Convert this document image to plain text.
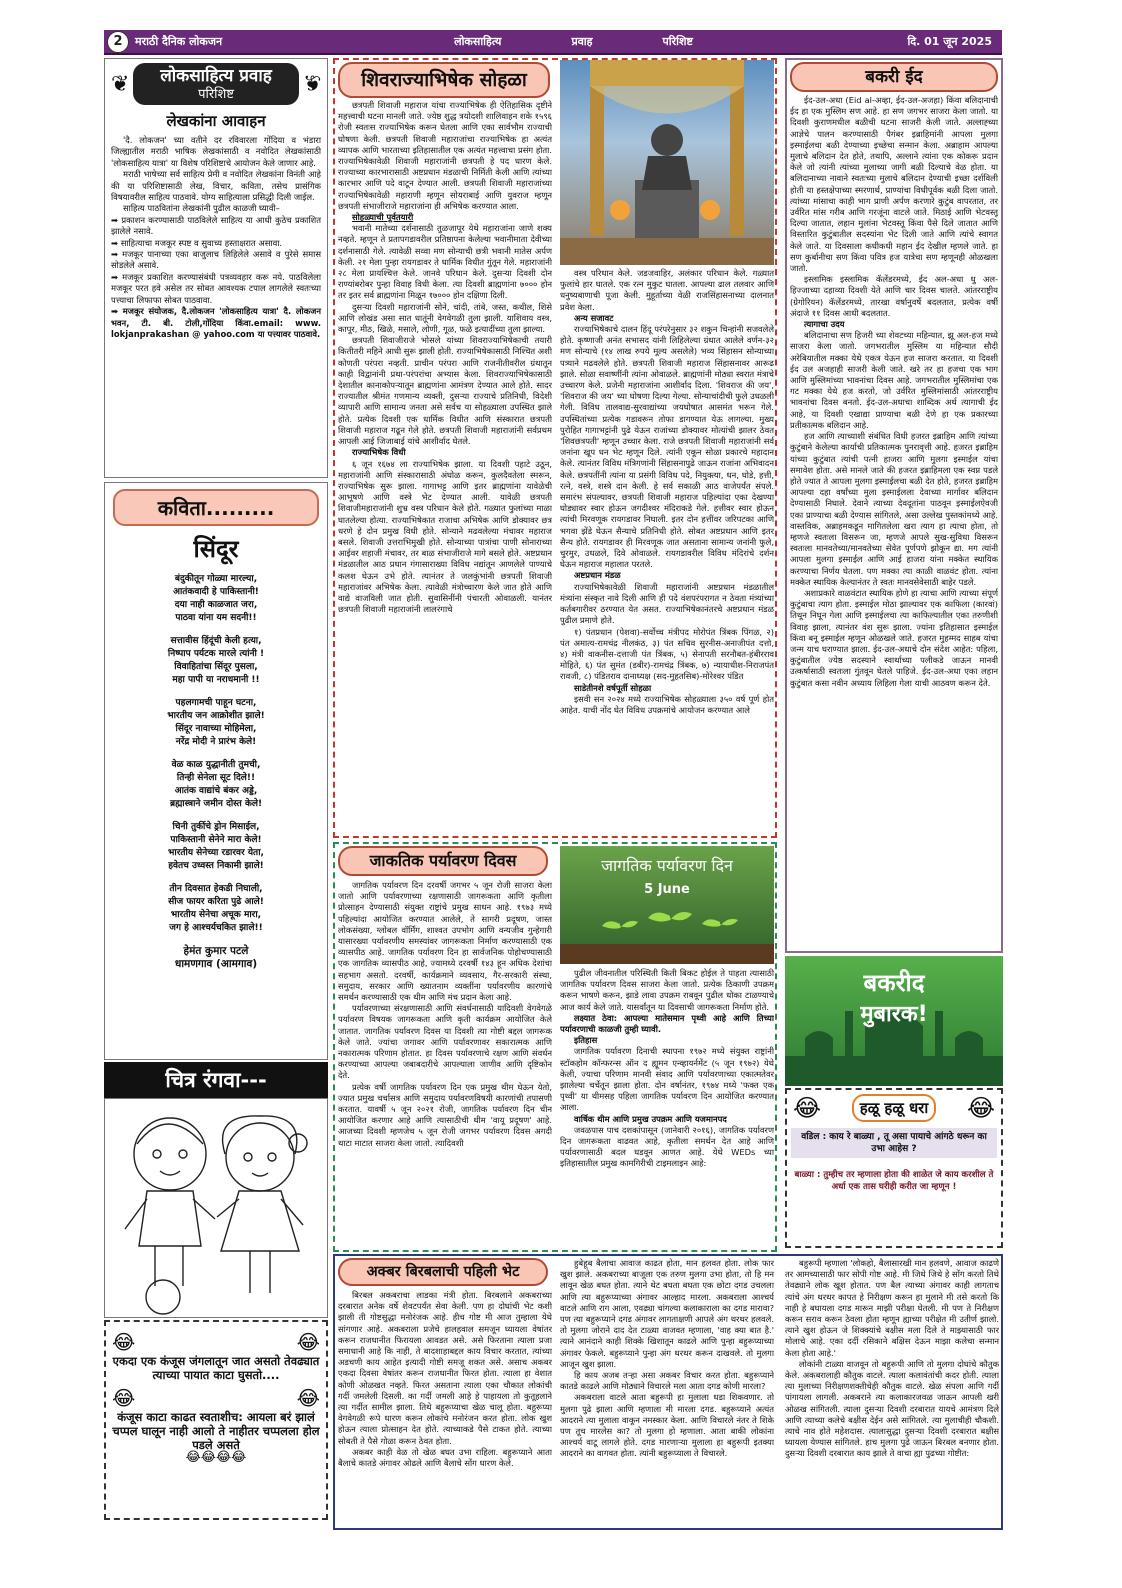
2	मराठी दैनिक लोकजन	लोकसाहित्य	प्रवाह	परिशिष्ट	दि. 01 जून 2025
❦	लोकसाहित्य प्रवाह
परिशिष्ट	❦
लेखकांना आवाहन

'दै. लोकजन' च्या वतीने दर रविवारला गोंदिया व भंडारा जिल्ह्यातील मराठी भाषिक लेखकांसाठी व नवोदित लेखकांसाठी 'लोकसाहित्य यात्रा' या विशेष परिशिष्टाचे आयोजन केले जाणार आहे.

मराठी भाषेच्या सर्व साहित्य प्रेमी व नवोदित लेखकांना विनंती आहे की या परिशिष्टासाठी लेख, विचार, कविता, तसेच प्रासंगिक विषयावरील साहित्य पाठवावे. योग्य साहित्याला प्रसिद्धी दिली जाईल.

साहित्य पाठवितांना लेखकांनी पुढील काळजी घ्यावी–

➡ प्रकाशन करण्यासाठी पाठविलेले साहित्य या आधी कुठेच प्रकाशित झालेले नसावे.
➡ साहित्याचा मजकूर स्पष्ट व सुवाच्य हस्ताक्षरात असावा.
➡ मजकूर पानाच्या एका बाजुलाच लिहिलेले असावे व पुरेसे समास सोडलेले असावे.
➡ मजकूर प्रकाशित करण्यासंबंधी पत्रव्यवहार करू नये. पाठविलेला मजकूर परत हवे असेल तर सोबत आवश्यक टपाल लागलेले स्वतःच्या पत्त्याचा लिफाफा सोबत पाठवावा.
➡ मजकूर संयोजक, दै.लोकजन 'लोकसाहित्य यात्रा' दै. लोकजन भवन, टी. बी. टोली,गोंदिया किंवा.email: www. lokjanprakashan @ yahoo.com या पत्त्यावर पाठवावे.
कविता.........
सिंदूर
बंदुकीतून गोळ्या मारल्या,
आतंकवादी हे पाकिस्तानी!
दया नाही काळजात जरा,
पाठवा यांना यम सदनी!!
सत्तावीस हिंदूंची केली हत्या,
निष्पाप पर्यटक मारले त्यांनी !
विवाहितांचा सिंदूर पुसला,
महा पापी या नराधमानी !!
पहलगामची पाहून घटना,
भारतीय जन आक्रोशीत झाले!
सिंदूर नावाच्या मोहिमेला,
नरेंद्र मोदी ने प्रारंभ केले!
वेळ काळ युद्धानीती तुमची,
तिन्ही सेनेला सूट दिले!!
आतंक वाद्यांचे बंकर अड्डे,
ब्रह्मास्त्राने जमीन दोस्त केले!
चिनी तुर्कीचे ड्रोन मिसाईल,
पाकिस्तानी सेनेने मारा केले!
भारतीय सेनेच्या रडारवर येता,
हवेतच उध्वस्त निकामी झाले!
तीन दिवसात हेकडी निघाली,
सीज फायर करिता पुढे आले!
भारतीय सेनेचा अचूक मारा,
जग हे आश्चर्यचकित झाले!!
हेमंत कुमार पटले
धामणगाव (आमगाव)
चित्र रंगवा---
😂	😂
एकदा एक कंजूस जंगलातून जात असतो तेवढ्यात त्याच्या पायात काटा घुसतो....
😂	😂
कंजूस काटा काढत स्वताशीच: आयला बरं झालं चप्पल घालून नाही आलो ते नाहीतर चप्पलला होल पडले असते
😂😂😂😂
शिवराज्याभिषेक सोहळा

छत्रपती शिवाजी महाराज यांचा राज्याभिषेक ही ऐतिहासिक दृष्टीने महत्त्वाची घटना मानली जाते. ज्येष्ठ शुद्ध त्रयोदशी शालिवाहन शके १५९६ रोजी स्वतःस राज्याभिषेक करून घेतला आणि एका सार्वभौम राज्याची घोषणा केली. छत्रपती शिवाजी महाराजांचा राज्याभिषेक हा अत्यंत व्यापक आणि भारताच्या इतिहासातील एक अत्यंत महत्त्वाचा प्रसंग होता. राज्याभिषेकावेळी शिवाजी महाराजांनी छत्रपती हे पद धारण केले. राज्याच्या कारभारासाठी अष्टप्रधान मंडळाची निर्मिती केली आणि त्यांच्या कारभार आणि पदे वाटून देण्यात आली. छत्रपती शिवाजी महाराजांच्या राज्याभिषेकावेळी महाराणी म्हणून सोयराबाई आणि युवराज म्हणून छत्रपती संभाजीराजे महाराजांना ही अभिषेक करण्यात आला.

सोहळ्याची पूर्वतयारी

भवानी मातेच्या दर्शनासाठी तुळजापूर येथे महाराजांना जाणे शक्य नव्हते. म्हणून ते प्रतापगडावरील प्रतिष्ठापना केलेल्या भवानीमाता देवीच्या दर्शनासाठी गेले. त्यावेळी सव्वा मण सोन्याची छत्री भवानी मातेस अर्पण केली. २१ मेला पुन्हा रायगडावर ते धार्मिक विधीत गुंतून गेले. महाराजांनी २८ मेला प्रायश्चित्त केले. जानवे परिधान केले. दुसऱ्या दिवशी दोन राण्यांबरोबर पुन्हा विवाह विधी केला. त्या दिवशी ब्राह्मणांना ७००० होन तर इतर सर्व ब्राह्मणांना मिळून १७००० होन दक्षिणा दिली.

दुसऱ्या दिवशी महाराजांनी सोने, चांदी, तांबे, जस्त, कथील, शिसे आणि लोखंड असा सात धातूंनी वेगवेगळी तुला झाली. याशिवाय वस्त्र, कापूर, मीठ, खिळे, मसाले, लोणी, गूळ, फळे इत्यादींच्या तुला झाल्या.

छत्रपती शिवाजीराजे भोसले यांच्या शिवराज्याभिषेकाची तयारी कितीतरी महिने आधी सुरू झाली होती. राज्याभिषेकासाठी निश्चित अशी कोणती परंपरा नव्हती. प्राचीन परंपरा आणि राजनीतीवरील ग्रंथातून काही विद्वानांनी प्रथा-परंपरांचा अभ्यास केला. शिवराज्याभिषेकासाठी देशातील कानाकोपऱ्यातून ब्राह्मणांना आमंत्रण देण्यात आले होते. सादर राज्यातील श्रीमंत गणमान्य व्यक्ती, दुसऱ्या राज्याचे प्रतिनिधी, विदेशी व्यापारी आणि सामान्य जनता असे सर्वच या सोहळ्याला उपस्थित झाले होते. प्रत्येक दिवशी एक धार्मिक विधीत आणि संस्कारात छत्रपती शिवाजी महाराज गढून गेले होते. छत्रपती शिवाजी महाराजांनी सर्वप्रथम आपली आई जिजाबाई यांचे आशीर्वाद घेतले.

राज्याभिषेक विधी

६ जून १६७४ ला राज्याभिषेक झाला. या दिवशी पहाटे उठून, महाराजांनी आणि संस्कारासाठी अंघोळ करून, कुलदैवतेला स्मरून, राज्याभिषेक सुरू झाला. गागाभट्ट आणि इतर ब्राह्मणांना यावेळेची आभूषणे आणि वस्त्रे भेट देण्यात आली. यावेळी छत्रपती शिवाजीमहाराजांनी शुभ्र वस्त्र परिधान केले होते. गळ्यात फुलांच्या माळा घातलेल्या होत्या. राज्याभिषेकात राजाचा अभिषेक आणि डोक्यावर छत्र धरणे हे दोन प्रमुख विधी होते. सोन्याने मढवलेल्या मंचावर महाराज बसले. शिवाजी उत्तराभिमुखी होते. सोन्याच्या पात्रांचा पाणी सोनाराच्या आईवर शहाजी मंचावर, तर बाळ संभाजीराजे मागे बसले होते. अष्टप्रधान मंडळातील आठ प्रधान गंगासाराख्या विविध नद्यांतून आणलेले पाण्याचे कलश घेऊन उभे होते. त्यानंतर ते जलकुंभांनी छत्रपती शिवाजी महाराजांवर अभिषेक केला. त्यावेळी मंत्रोच्चारण केले जात होते आणि वाद्ये वाजविली जात होती. सुवासिनींनी पंचारती ओवाळली. यानंतर छत्रपती शिवाजी महाराजांनी लालरंगाचे

वस्त्र परिधान केले. जडजवाहिर, अलंकार परिधान केले. गळ्यात फुलांचे हार घातले. एक रत्न मुकुट घातला. आपल्या ढाल तलवार आणि धनुष्यबाणाची पूजा केली. मुहूर्ताच्या वेळी राजसिंहासनाच्या दालनात प्रवेश केला.

अन्य सजावट

राज्याभिषेकाचे दालन हिंदू परंपरेनुसार ३२ शकुन चिन्हांनी सजवलेले होते. कृष्णाजी अनंत सभासद यांनी लिहिलेल्या ग्रंथात आलेले वर्णन-३२ मण सोन्याचे (१४ लाख रुपये मूल्य असलेले) भव्य सिंहासन सोन्याच्या पत्र्याने मढवलेले होते. छत्रपती शिवाजी महाराज सिंहासनावर आरूढ झाले. सोळा सवाष्णींनी त्यांना ओवाळले. ब्राह्मणांनी मोठ्या स्वरात मंत्राचे उच्चारण केले. प्रजेनी महाराजांना आशीर्वाद दिला. 'शिवराज की जय', 'शिवराज की जय' च्या घोषणा दिल्या गेल्या. सोन्याचांदीची फुले उधळली गेली. विविध तालवाद्य-सुरवाद्यांच्या जयघोषात आसमंत भरून गेले. उपस्थितांच्या प्रत्येक गडावरून तोफा डागण्यात येऊ लागल्या. मुख्य पुरोहित गागाभट्टांनी पुढे येऊन राजांच्या डोक्यावर मोत्यांची झालर ठेवत 'शिवछत्रपती' म्हणून उच्चार केला. राजे छत्रपती शिवाजी महाराजांनी सर्व जनांना खूप धन भेट म्हणून दिले. त्यांनी एकून सोळा प्रकारचे महादान केले. त्यानंतर विविध मंत्रिगणांनी सिंहासनापुढे जाऊन राजांना अभिवादन केले. छत्रपतींनी त्यांना या प्रसंगी विविध पदे, नियुक्त्या, धन, घोडे, हत्ती, रत्ने, वस्त्रे, शस्त्रे दान केली. हे सर्व सकाळी आठ वाजेपर्यंत संपले. समारंभ संपल्यावर, छत्रपती शिवाजी महाराज पहिल्यांदा एका देखण्या घोड्यावर स्वार होऊन जगदीश्वर मंदिराकडे गेले. हत्तीवर स्वार होऊन त्यांची मिरवणूक रायगडावर निघाली. इतर दोन हत्तींवर जरिपटका आणि भगवा झेंडे घेऊन सैन्याचे प्रतिनिधी होते. सोबत अष्टप्रधान आणि इतर सैन्य होते. रायगडावर ही मिरवणूक जात असताना सामान्य जनांनी फुले, चुरमुर, उधळले, दिवे ओवाळले. रायगडावरील विविध मंदिरांचे दर्शन घेऊन महाराज महालात परतले.

अष्टप्रधान मंडळ

राज्याभिषेकावेळी शिवाजी महाराजांनी अष्टप्रधान मंडळातील मंत्र्यांना संस्कृत नावे दिली आणि ही पदे वंशपरंपरागत न ठेवता मंत्र्यांच्या कर्तबगारीवर ठरण्यात येत असत. राज्याभिषेकानंतरचे अष्टप्रधान मंडळ पुढील प्रमाणे होते.

१) पंतप्रधान (पेशवा)-सर्वोच्च मंत्रीपद मोरोपंत त्रिंबक पिंगळ, २) पंत अमात्य-रामचंद्र नीलकंठ, ३) पंत सचिव सुरनीस-अनाजीपंत दत्तो, ४) मंत्री वाकनीस-दत्ताजी पंत त्रिंबक, ५) सेनापती सरनौबत-हंबीरराव मोहिते, ६) पंत सुमंत (डबीर)-रामचंद्र त्रिंबक, ७) न्यायाधीश-निराजपंत रावजी, ८) पंडितराव दानाध्यक्ष (सद-मुहतसिब)-मोरेश्वर पंडित

साडेतीनशे वर्षपूर्ती सोहळा

इसवी सन २०२४ मध्ये राज्याभिषेक सोहळ्याला ३५० वर्ष पूर्ण होत आहेत. याची नोंद घेत विविध उपक्रमांचे आयोजन करण्यात आले

जाकतिक पर्यावरण दिवस	जागतिक पर्यावरण दिन
5 June

जागतिक पर्यावरण दिन दरवर्षी जगभर ५ जून रोजी साजरा केला जातो आणि पर्यावरणाच्या रक्षणासाठी जागरूकता आणि कृतीला प्रोत्साहन देण्यासाठी संयुक्त राष्ट्रांचे प्रमुख साधन आहे. १९७३ मध्ये पहिल्यांदा आयोजित करण्यात आलेले, ते सागरी प्रदूषण, जास्त लोकसंख्या, ग्लोबल वॉर्मिंग, शाश्वत उपभोग आणि वन्यजीव गुन्हेगारी यासारख्या पर्यावरणीय समस्यांवर जागरूकता निर्माण करण्यासाठी एक व्यासपीठ आहे. जागतिक पर्यावरण दिन हा सार्वजनिक पोहोचण्यासाठी एक जागतिक व्यासपीठ आहे, ज्यामध्ये दरवर्षी १४३ हून अधिक देशांचा सहभाग असतो. दरवर्षी, कार्यक्रमाने व्यवसाय, गैर-सरकारी संस्था, समुदाय, सरकार आणि ख्यातनाम व्यक्तींना पर्यावरणीय कारणांचे समर्थन करण्यासाठी एक थीम आणि मंच प्रदान केला आहे.

पर्यावरणाच्या संरक्षणासाठी आणि संवर्धनासाठी यादिवशी वेगवेगळे पर्यावरण विषयक जागरूकता आणि कृती कार्यक्रम आयोजित केले जातात. जागतिक पर्यावरण दिवस या दिवशी त्या गोष्टी बद्दल जागरूक केले जाते. ज्यांचा जगावर आणि पर्यावरणावर सकारात्मक आणि नकारात्मक परिणाम होतात. हा दिवस पर्यावरणाचे रक्षण आणि संवर्धन करण्याच्या आपल्या जबाबदारीचे आपल्याला जाणीव आणि दृष्टिकोन देते.

प्रत्येक वर्षी जागतिक पर्यावरण दिन एक प्रमुख थीम घेऊन येतो, ज्यात प्रमुख चर्चासत्र आणि समुदाय पर्यावरणविषयी कारणांची तपासणी करतात. यावर्षी ५ जून २०२१ रोजी, जागतिक पर्यावरण दिन चीन आयोजित करणार आहे आणि त्यासाठीची थीम 'वायू प्रदूषण' आहे. आजच्या दिवशी म्हणजेच ५ जून रोजी जगभर पर्यावरण दिवस अगदी थाटा माटात साजरा केला जातो. त्यादिवशी

पुढील जीवनातील परिस्थिती किती बिकट होईल ते पाहता त्यासाठी जागतिक पर्यावरण दिवस साजरा केला जातो. प्रत्येक ठिकाणी उपक्रम करून भाषणे करून, झाडे लावा उपक्रम राबवून पुढील धोका टाळण्याचे आज कार्य केले जाते. यासर्वांतून या दिवसाची जागरूकता निर्माण होते.

लक्ष्यात ठेवा: आपल्या मातेसमान पृथ्वी आहे आणि तिच्या पर्यावरणाची काळजी तुम्ही घ्यावी.

इतिहास

जागतिक पर्यावरण दिनाची स्थापना १९७२ मध्ये संयुक्त राष्ट्रांनी स्टॉकहोम कॉन्फरन्स ऑन द ह्यूमन एन्व्हायर्नमेंट (५ जून १९७२) येथे केली, ज्याचा परिणाम मानवी संवाद आणि पर्यावरणाच्या एकात्मतेवर झालेल्या चर्चेतून झाला होता. दोन वर्षानंतर, १९७४ मध्ये 'फक्त एक पृथ्वी' या थीमसह पहिला जागतिक पर्यावरण दिन आयोजित करण्यात आला.

वार्षिक थीम आणि प्रमुख उपक्रम आणि यजमानपद

जवळपास पाच दशकांपासून (जानेवारी २०१६), जागतिक पर्यावरण दिन जागरूकता वाढवत आहे, कृतीला समर्थन देत आहे आणि पर्यावरणासाठी बदल घडवून आणत आहे. येथे WEDs च्या इतिहासातील प्रमुख कामगिरीची टाइमलाइन आहे:

बकरी ईद

ईद-उल-अधा (Eid al-अव्हा, ईद-उल-अजहा) किंवा बलिदानाची ईद हा एक मुस्लिम सण आहे. हा सण जगभर साजरा केला जातो. या दिवशी कुराणमधील बळीची घटना साजरी केली जाते. अल्लाह्च्या आज्ञेचे पालन करण्यासाठी पैगंबर इब्राहिमांनी आपला मुलगा इस्माईलचा बळी देण्याच्या इच्छेचा सन्मान केला. अब्राहाम आपल्या मुलाचे बलिदान देत होते, तथापि, अल्लाने त्यांना एक कोकरू प्रदान केले जो त्यांनी त्यांच्या मुलाच्या जागी बळी दिल्याचे वेळ होता. या बलिदानाच्या नावाने स्वतःच्या मुलाचे बलिदान देण्याची इच्छा दर्शविली होती या हस्तक्षेपाच्या स्मरणार्थ, प्राण्यांचा विधीपूर्वक बळी दिला जातो. त्यांच्या मांसाचा काही भाग प्राणी अर्पण करणारे कुटुंब वापरतात, तर उर्वरित मांस गरीब आणि गरजूंना वाटले जाते. मिठाई आणि भेटवस्तू दिल्या जातात, लहान मुलांना भेटवस्तू किंवा पैसे दिले जातात आणि विस्तारित कुटुंबातील सदस्यांना भेट दिली जाते आणि त्यांचे स्वागत केले जाते. या दिवसाला कधीकधी महान ईद देखील म्हणले जाते. हा सण कुर्बानीचा सण किंवा पवित्र हज यात्रेचा सण म्हणूनही ओळखला जातो.

इस्लामिक इस्लामिक कॅलेंडरमध्ये, ईद अल-अधा धु अल-हिज्जाच्या दहाव्या दिवशी येते आणि चार दिवस चालते. आंतरराष्ट्रीय (ग्रेगोरियन) कॅलेंडरमध्ये, तारखा वर्षानुवर्षे बदलतात, प्रत्येक वर्षी अंदाजे ११ दिवस आधी बदलतात.

त्यागाचा उदय

बलिदानाचा सण हिजरी च्या शेवटच्या महिन्यात, झू अल-हज मध्ये साजरा केला जातो. जगभरातील मुस्लिम या महिन्यात सौदी अरेबियातील मक्का येथे एकत्र येऊन हज साजरा करतात. या दिवशी ईद उल अजहाही साजरी केली जाते. खरे तर हा हजचा एक भाग आणि मुस्लिमांच्या भावनांचा दिवस आहे. जगभरातील मुस्लिमांचा एक गट मक्का येथे हज करतो, जो उर्वरित मुस्लिमांसाठी आंतरराष्ट्रीय भावनांचा दिवस बनतो. ईद-उल-अधाचा शाब्दिक अर्थ त्यागाची ईद आहे, या दिवशी एखाद्या प्राण्याचा बळी देणे हा एक प्रकारच्या प्रतीकात्मक बलिदान आहे.

हज आणि त्याच्याशी संबंधित विधी हजरत इब्राहिम आणि त्यांच्या कुटुंबाने केलेल्या कार्याची प्रतिकात्मक पुनरावृत्ती आहे. हजरत इब्राहिम यांच्या कुटुंबात त्यांची पत्नी हाजरा आणि मुलगा इस्माईल यांचा समावेश होता. असे मानले जाते की हजरत इब्राहिमला एक स्वप्न पडले होते ज्यात ते आपला मुलगा इस्माईलचा बळी देत होते, हजरत इब्राहिम आपल्या दहा वर्षांच्या मुला इस्माईलला देवाच्या मार्गावर बलिदान देण्यासाठी निघाले. देवाने त्याच्या देवदूतांना पाठवून इस्माईलऐवजी एका प्राण्याचा बळी देण्यास सांगितले, असा उल्लेख पुस्तकांमध्ये आहे. वास्तविक, अब्राहमकडून मागितलेला खरा त्याग हा त्याचा होता, तो म्हणजे स्वतःला विसरून जा, म्हणजे आपले सुख-सुविधा विसरून स्वतःला मानवतेच्या/मानवतेच्या सेवेत पूर्णपणे झोकून द्या. मग त्यांनी आपला मुलगा इस्माईल आणि आई हाजरा यांना मक्केत स्थायिक करण्याचा निर्णय घेतला. पण मक्का त्या काळी वाळवंट होता. त्यांना मक्केत स्थायिक केल्यानंतर ते स्वतः मानवसेवेसाठी बाहेर पडले.

अशाप्रकारे वाळवंटात स्थायिक होणे हा त्याचा आणि त्याच्या संपूर्ण कुटुंबाचा त्याग होता. इस्माईल मोठा झाल्यावर एक काफिला (कारवां) तिथून निघून गेला आणि इस्माईलचा त्या काफिल्यातील एका तरुणीशी विवाह झाला, त्यानंतर वंश सुरू झाला. ज्यांना इतिहासात इस्माईल किंवा बनू इस्माईल म्हणून ओळखले जाते. हजरत मुहम्मद साहब यांचा जन्म याच घराण्यात झाला. ईद-उल-अधाचे दोन संदेश आहेत: पहिला, कुटुंबातील ज्येष्ठ सदस्याने स्वार्थाच्या पलीकडे जाऊन मानवी उत्कर्षासाठी स्वतःला गुंतवून घेतले पाहिजे. ईद-उल-अधा एका लहान कुटुंबात कसा नवीन अध्याय लिहिला गेला याची आठवण करून देते.

बकरीद
मुबारक!
😂	हळू हळू धरा	😂
वडिल : काय रे बाळ्या , तू असा पायाचे आंगठे धरून का उभा आहेस ?
बाळ्या : तुम्हीच तर म्हणाला होता की शाळेत जे काय करशील ते अर्धा एक तास घरीही करीत जा म्हणून !
अक्बर बिरबलाची पहिली भेट

बिरबल अकबराचा लाडका मंत्री होता. बिरबलाने अकबराच्या दरबारात अनेक वर्षे शेवटपर्यंत सेवा केली. पण हा दोघांची भेट कशी झाली ती गोष्टसुद्धा मनोरंजक आहे. हीच गोष्ट मी आज तुम्हाला येथे सांगणार आहे. अकबराला प्रजेचे हालहवाल समजून घ्यायला वेषांतर करून राजधानीत फिरायला आवडत असे. असे फिरताना त्याला प्रजा समाधानी आहे कि नाही, ते बादशाहाबद्दल काय विचार करतात, त्यांच्या अडचणी काय आहेत इत्यादी गोष्टी समजू शकत असे. असाच अकबर एकदा दिवसा वेषांतर करून राजधानीत फिरत होता. त्याला हा वेशात कोणी ओळखत नव्हते. फिरत असताना त्याला एका चौकात लोकांची गर्दी जमलेली दिसली. का गर्दी जमली आहे हे पाहायला तो कुतूहलाने त्या गर्दीत सामील झाला. तिथे बहुरूप्याचा खेळ चालू होता. बहुरूप्या वेगवेगळी रूपे धारण करून लोकांचे मनोरंजन करत होता. लोक खुश होऊन त्याला प्रोत्साहन देत होते. त्याच्याकडे पैसे टाकत होते. त्याच्या सोबती ते पैसे गोळा करून ठेवत होता.

अकबर काही वेळ तो खेळ बघत उभा राहिला. बहुरूप्याने आता बैलाचे कातडे अंगावर ओढले आणि बैलाचे सोंग धारण केले.

हुबेहूब बैलाचा आवाज काढत होता, मान हलवत होता. लोक फार खुश झाले. अकबराच्या बाजूला एक तरुण मुलगा उभा होता, तो हि मन लावून खेळ बघत होता. त्याने थेट बघता बघता एक छोटा दगड उचलला आणि त्या बहुरूप्याच्या अंगावर आल्हाद मारला. अकबराला आश्चर्य वाटले आणि राग आला, एवढ्या चांगल्या कलाकाराला का दगड मारावा? पण त्या बहुरूप्याने दगड अंगावर लागताक्षणी आपले अंग थरथर हलवले. तो मुलगा जोराने दाद देत टाळ्या वाजवत म्हणाला, 'वाह क्या बात है.' त्याने आनंदाने काही शिक्के खिशातून काढले आणि पुन्हा बहुरूप्याच्या अंगावर फेकले. बहुरूप्याने पुन्हा अंग थरथर करून दाखवले. तो मुलगा आजून खुश झाला.

हि काय अजब तऱ्हा असा अकबर विचार करत होता. बहुरूप्याने कातडे काढले आणि मोठ्याने विचारले मला आता दगड कोणी मारला?

अकबराला वाटले आता बहुरूपी हा मुलाला धडा शिकवणार. तो मुलगा पुढे झाला आणि म्हणाला मी मारला दगड. बहुरूप्याने अत्यंत आदराने त्या मुलाला वाकून नमस्कार केला. आणि विचारले नंतर ते शिके पण तूच मारलेस का? तो मुलगा हो म्हणाला. आता बाकी लोकांना आश्चर्य वाटू लागले होते. दगड मारणाऱ्या मुलाला हा बहुरूपी इतक्या आदराने का वागवत होता. त्यांनी बहुरूप्याला ते विचारले.

बहुरूपी म्हणाला 'लोकहो, बैलासारखी मान हलवणे, आवाज काढणे तर आमच्यासाठी फार सोपी गोष्ट आहे. मी जिथे जिथे हे सोंग करतो तिथे तेवढ्याने लोक खूश होतात. पण बैल त्याच्या अंगावर काही लागताच त्यांचे अंग थरथर कापत हे निरीक्षण करून हा मुलाने मी तसे करतो कि नाही हे बघायला दगड मारून माझी परीक्षा घेतली. मी पण ते निरीक्षण करून सराव करून ठेवला होता म्हणून ह्याच्या परीक्षेत मी उतीर्ण झालो. त्याने खुश होऊन जे शिक्क्यांचे बक्षीस मला दिले ते माझ्यासाठी फार मोलाचे आहे. एका दर्दी रसिकाने बक्षिस देऊन माझा कलेचा सन्मान केला होता आहे.'

लोकांनी टाळ्या वाजवून तो बहुरूपी आणि तो मुलगा दोघांचे कौतुक केले. अकबरालाही कौतुक वाटले. त्याला कलावंतांची कदर होती. त्याला त्या मुलाच्या निरीक्षणशक्तीचेही कौतुक वाटले. खेळ संपला आणि गर्दी पांगायला लागली. अकबराने त्या कलाकारजवळ जाऊन आपली खरी ओळख सांगितली. त्याला दुसऱ्या दिवशी दरबारात यायचे आमंत्रण दिले आणि त्याच्या कलेचे बक्षीस देईन असे सांगितले. त्या मुलाचीही चौकशी. त्याचे नाव होते महेशदास. त्यालासुद्धा दुसऱ्या दिवशी दरबारात बक्षीस घ्यायला येण्यास सांगितले. हाच मुलगा पुढे जाऊन बिरबल बनणार होता. दुसऱ्या दिवशी दरबारात काय झाले ते वाचा ह्या पुढच्या गोष्टीत:
